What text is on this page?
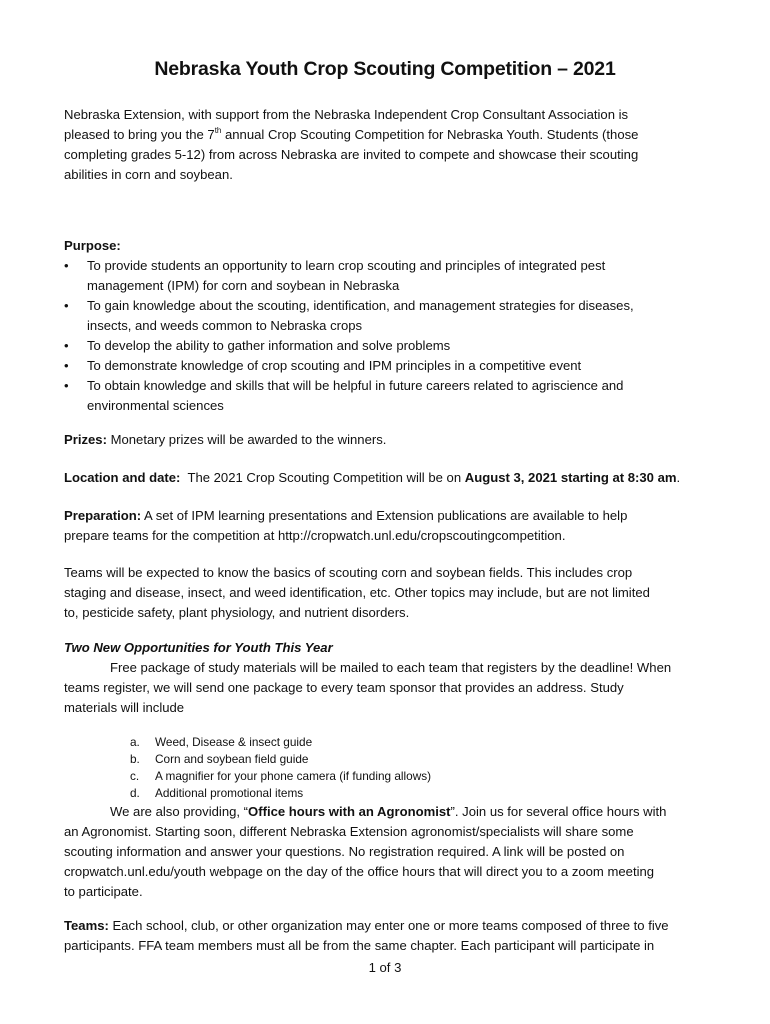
Nebraska Youth Crop Scouting Competition – 2021
Nebraska Extension, with support from the Nebraska Independent Crop Consultant Association is
pleased to bring you the 7th annual Crop Scouting Competition for Nebraska Youth. Students (those
completing grades 5-12) from across Nebraska are invited to compete and showcase their scouting
abilities in corn and soybean.
Purpose:
• To provide students an opportunity to learn crop scouting and principles of integrated pest
management (IPM) for corn and soybean in Nebraska
• To gain knowledge about the scouting, identification, and management strategies for diseases,
insects, and weeds common to Nebraska crops
• To develop the ability to gather information and solve problems
• To demonstrate knowledge of crop scouting and IPM principles in a competitive event
• To obtain knowledge and skills that will be helpful in future careers related to agriscience and
environmental sciences
Prizes: Monetary prizes will be awarded to the winners.
Location and date:  The 2021 Crop Scouting Competition will be on August 3, 2021 starting at 8:30 am.
Preparation: A set of IPM learning presentations and Extension publications are available to help
prepare teams for the competition at http://cropwatch.unl.edu/cropscoutingcompetition.
Teams will be expected to know the basics of scouting corn and soybean fields. This includes crop
staging and disease, insect, and weed identification, etc. Other topics may include, but are not limited
to, pesticide safety, plant physiology, and nutrient disorders.
Two New Opportunities for Youth This Year
Free package of study materials will be mailed to each team that registers by the deadline! When
teams register, we will send one package to every team sponsor that provides an address. Study
materials will include
a. Weed, Disease & insect guide
b. Corn and soybean field guide
c. A magnifier for your phone camera (if funding allows)
d. Additional promotional items
We are also providing, “Office hours with an Agronomist”. Join us for several office hours with
an Agronomist. Starting soon, different Nebraska Extension agronomist/specialists will share some
scouting information and answer your questions. No registration required. A link will be posted on
cropwatch.unl.edu/youth webpage on the day of the office hours that will direct you to a zoom meeting
to participate.
Teams: Each school, club, or other organization may enter one or more teams composed of three to five
participants. FFA team members must all be from the same chapter. Each participant will participate in
1 of 3
